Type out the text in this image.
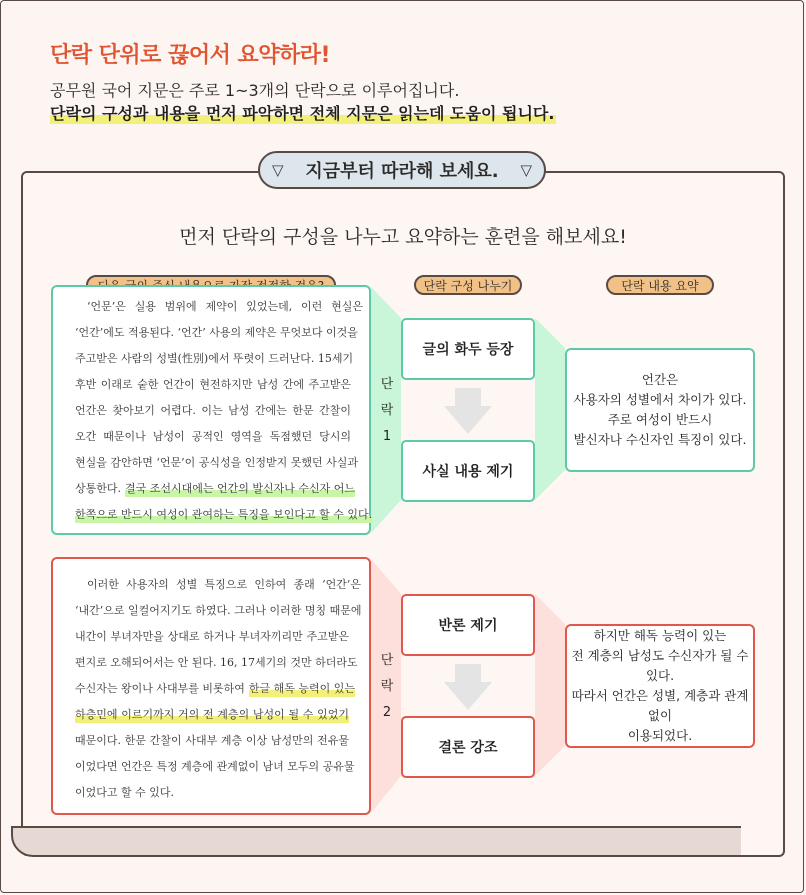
단락 단위로 끊어서 요약하라!
공무원 국어 지문은 주로 1~3개의 단락으로 이루어집니다.
단락의 구성과 내용을 먼저 파악하면 전체 지문은 읽는데 도움이 됩니다.
▽ 지금부터 따라해 보세요. ▽
먼저 단락의 구성을 나누고 요약하는 훈련을 해보세요!
단락 구성 나누기	단락 내용 요약
‘언문’은 실용 범위에 제약이 있었는데, 이런 현실은
‘언간’에도 적용된다. ‘언간’ 사용의 제약은 무엇보다 이것을
주고받은 사람의 성별(性別)에서 뚜렷이 드러난다. 15세기
후반 이래로 숱한 언간이 현전하지만 남성 간에 주고받은
언간은 찾아보기 어렵다. 이는 남성 간에는 한문 간찰이
오간 때문이나 남성이 공적인 영역을 독점했던 당시의
현실을 감안하면 ‘언문’이 공식성을 인정받지 못했던 사실과
상통한다. 결국 조선시대에는 언간의 발신자나 수신자 어느
한쪽으로 반드시 여성이 관여하는 특징을 보인다고 할 수 있다.
단
락
1
글의 화두 등장
사실 내용 제기
언간은
사용자의 성별에서 차이가 있다.
주로 여성이 반드시
발신자나 수신자인 특징이 있다.
이러한 사용자의 성별 특징으로 인하여 종래 ‘언간’은
‘내간’으로 일컬어지기도 하였다. 그러나 이러한 명칭 때문에
내간이 부녀자만을 상대로 하거나 부녀자끼리만 주고받은
편지로 오해되어서는 안 된다. 16, 17세기의 것만 하더라도
수신자는 왕이나 사대부를 비롯하여 한글 해독 능력이 있는
하층민에 이르기까지 거의 전 계층의 남성이 될 수 있었기
때문이다. 한문 간찰이 사대부 계층 이상 남성만의 전유물
이었다면 언간은 특정 계층에 관계없이 남녀 모두의 공유물
이었다고 할 수 있다.
단
락
2
반론 제기
결론 강조
하지만 해독 능력이 있는
전 계층의 남성도 수신자가 될 수 있다.
따라서 언간은 성별, 계층과 관계없이
이용되었다.
